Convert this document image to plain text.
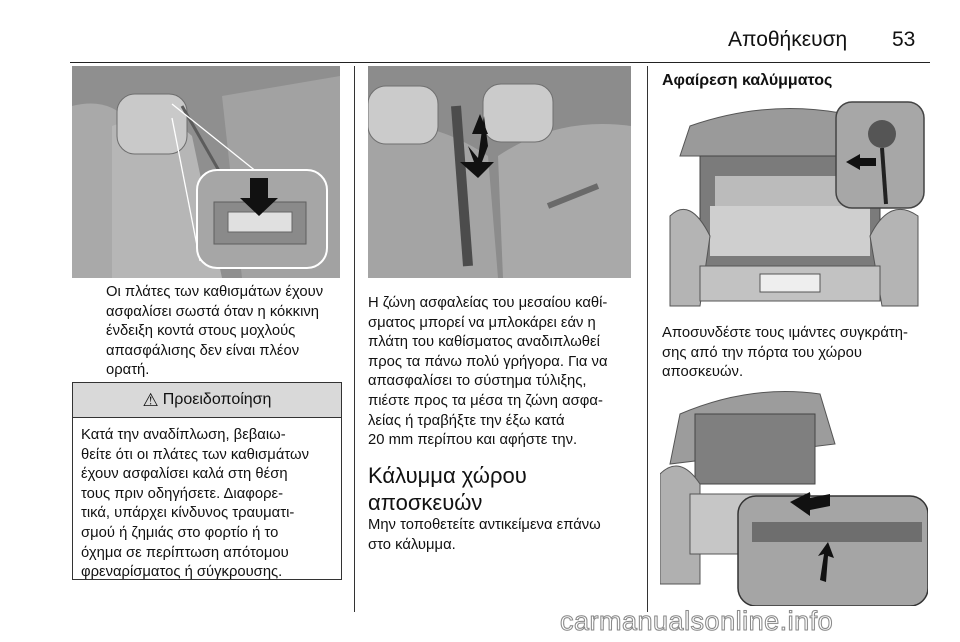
Αποθήκευση 53
Οι πλάτες των καθισμάτων έχουν
ασφαλίσει σωστά όταν η κόκκινη
ένδειξη κοντά στους μοχλούς
απασφάλισης δεν είναι πλέον
ορατή.
⚠ Προειδοποίηση
Κατά την αναδίπλωση, βεβαιω-
θείτε ότι οι πλάτες των καθισμάτων
έχουν ασφαλίσει καλά στη θέση
τους πριν οδηγήσετε. Διαφορε-
τικά, υπάρχει κίνδυνος τραυματι-
σμού ή ζημιάς στο φορτίο ή το
όχημα σε περίπτωση απότομου
φρεναρίσματος ή σύγκρουσης.
Η ζώνη ασφαλείας του μεσαίου καθί-
σματος μπορεί να μπλοκάρει εάν η
πλάτη του καθίσματος αναδιπλωθεί
προς τα πάνω πολύ γρήγορα. Για να
απασφαλίσει το σύστημα τύλιξης,
πιέστε προς τα μέσα τη ζώνη ασφα-
λείας ή τραβήξτε την έξω κατά
20 mm περίπου και αφήστε την.
Κάλυμμα χώρου
αποσκευών
Μην τοποθετείτε αντικείμενα επάνω
στο κάλυμμα.
Αφαίρεση καλύμματος
Αποσυνδέστε τους ιμάντες συγκράτη-
σης από την πόρτα του χώρου
αποσκευών.
carmanualsonline.info
